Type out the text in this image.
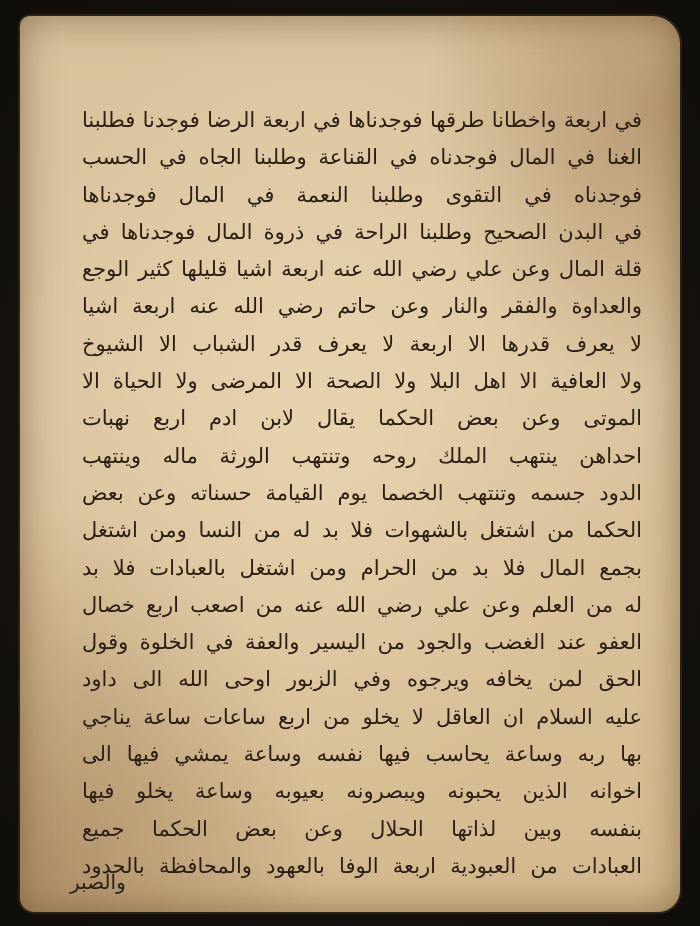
في اربعة واخطانا طرقها فوجدناها في اربعة الرضا فوجدنا فطلبنا
الغنا في المال فوجدناه في القناعة وطلبنا الجاه في الحسب
فوجدناه في التقوى وطلبنا النعمة في المال فوجدناها
في البدن الصحيح وطلبنا الراحة في ذروة المال فوجدناها في
قلة المال وعن علي رضي الله عنه اربعة اشيا قليلها كثير الوجع
والعداوة والفقر والنار وعن حاتم رضي الله عنه اربعة اشيا
لا يعرف قدرها الا اربعة لا يعرف قدر الشباب الا الشيوخ
ولا العافية الا اهل البلا ولا الصحة الا المرضى ولا الحياة الا
الموتى وعن بعض الحكما يقال لابن ادم اربع نهبات
احداهن ينتهب الملك روحه وتنتهب الورثة ماله وينتهب
الدود جسمه وتنتهب الخصما يوم القيامة حسناته وعن بعض
الحكما من اشتغل بالشهوات فلا بد له من النسا ومن اشتغل
بجمع المال فلا بد من الحرام ومن اشتغل بالعبادات فلا بد
له من العلم وعن علي رضي الله عنه من اصعب اربع خصال
العفو عند الغضب والجود من اليسير والعفة في الخلوة وقول
الحق لمن يخافه ويرجوه وفي الزبور اوحى الله الى داود
عليه السلام ان العاقل لا يخلو من اربع ساعات ساعة يناجي
بها ربه وساعة يحاسب فيها نفسه وساعة يمشي فيها الى
اخوانه الذين يحبونه ويبصرونه بعيوبه وساعة يخلو فيها
بنفسه وبين لذاتها الحلال وعن بعض الحكما جميع
العبادات من العبودية اربعة الوفا بالعهود والمحافظة بالحدود
والصبر
